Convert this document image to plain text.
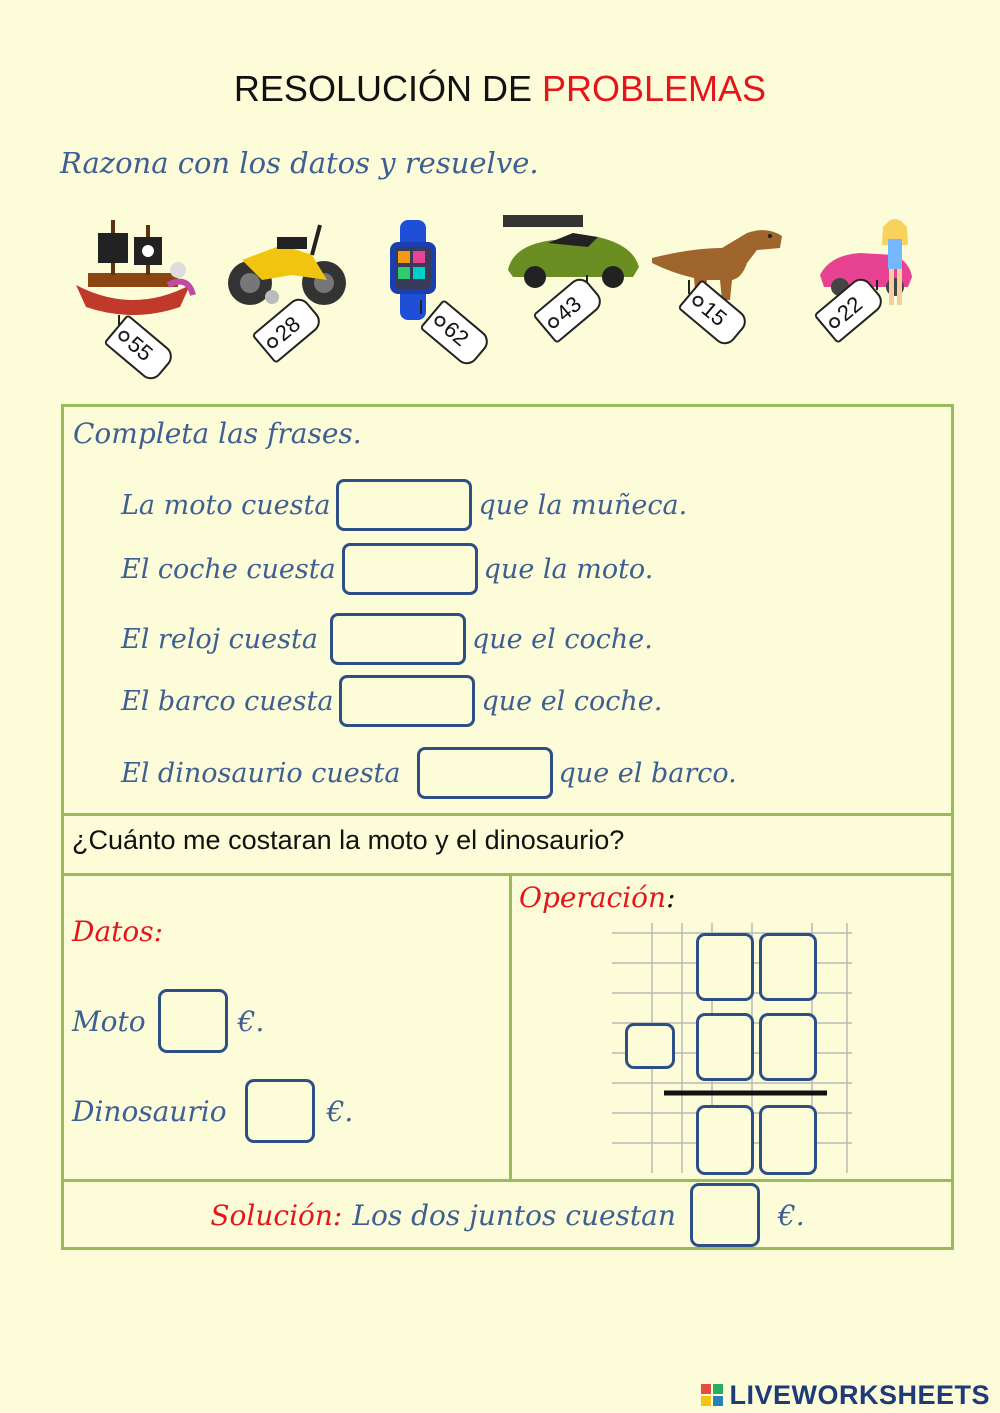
RESOLUCIÓN DE PROBLEMAS
Razona con los datos y resuelve.
55
28	62
43	15	22
Completa las frases.
La moto cuesta	que la muñeca.
El coche cuesta	que la moto.
El reloj cuesta	que el coche.
El barco cuesta	que el coche.
El dinosaurio cuesta	que el barco.
¿Cuánto me costaran la moto y el dinosaurio?
Datos:
Moto	€.
Dinosaurio	€.
Operación:
Solución: Los dos juntos cuestan	€.
LIVEWORKSHEETS
